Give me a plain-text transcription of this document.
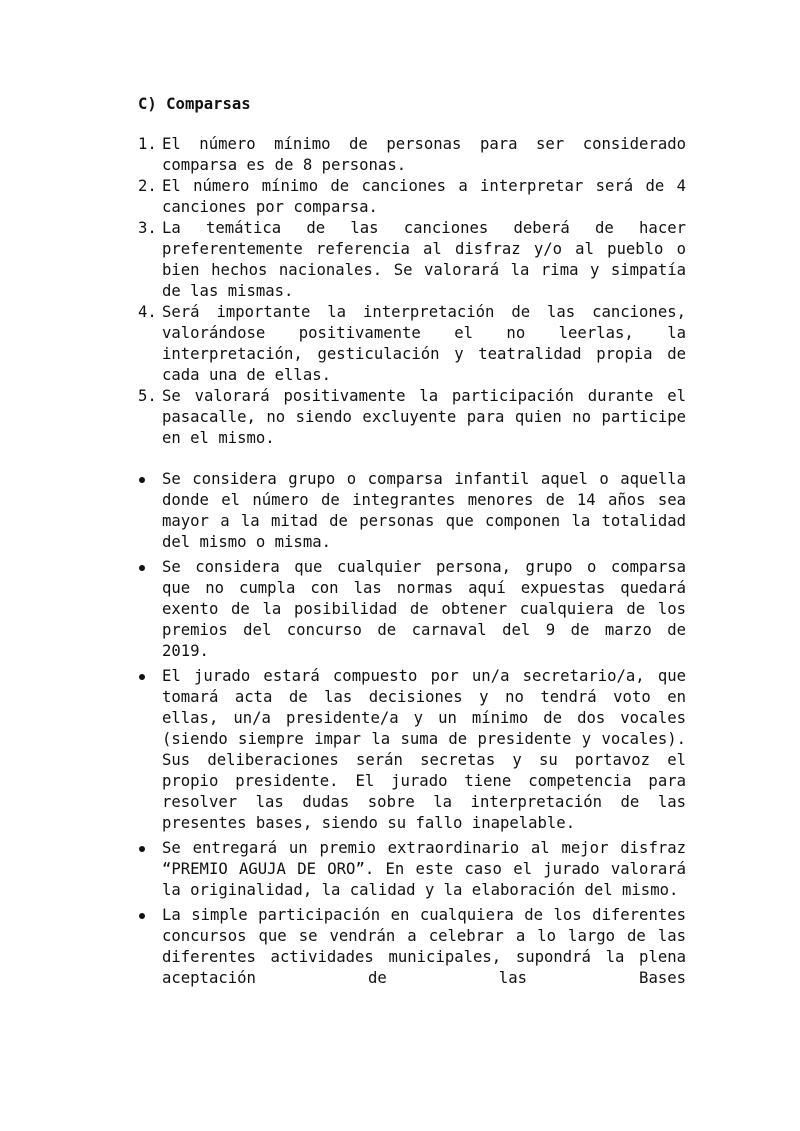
C) Comparsas
1. El número mínimo de personas para ser considerado comparsa es de 8 personas.
2. El número mínimo de canciones a interpretar será de 4 canciones por comparsa.
3. La temática de las canciones deberá de hacer preferentemente referencia al disfraz y/o al pueblo o bien hechos nacionales. Se valorará la rima y simpatía de las mismas.
4. Será importante la interpretación de las canciones, valorándose positivamente el no leerlas, la interpretación, gesticulación y teatralidad propia de cada una de ellas.
5. Se valorará positivamente la participación durante el pasacalle, no siendo excluyente para quien no participe en el mismo.
Se considera grupo o comparsa infantil aquel o aquella donde el número de integrantes menores de 14 años sea mayor a la mitad de personas que componen la totalidad del mismo o misma.
Se considera que cualquier persona, grupo o comparsa que no cumpla con las normas aquí expuestas quedará exento de la posibilidad de obtener cualquiera de los premios del concurso de carnaval del 9 de marzo de 2019.
El jurado estará compuesto por un/a secretario/a, que tomará acta de las decisiones y no tendrá voto en ellas, un/a presidente/a y un mínimo de dos vocales (siendo siempre impar la suma de presidente y vocales). Sus deliberaciones serán secretas y su portavoz el propio presidente. El jurado tiene competencia para resolver las dudas sobre la interpretación de las presentes bases, siendo su fallo inapelable.
Se entregará un premio extraordinario al mejor disfraz “PREMIO AGUJA DE ORO”. En este caso el jurado valorará la originalidad, la calidad y la elaboración del mismo.
La simple participación en cualquiera de los diferentes concursos que se vendrán a celebrar a lo largo de las diferentes actividades municipales, supondrá la plena aceptación de las Bases
